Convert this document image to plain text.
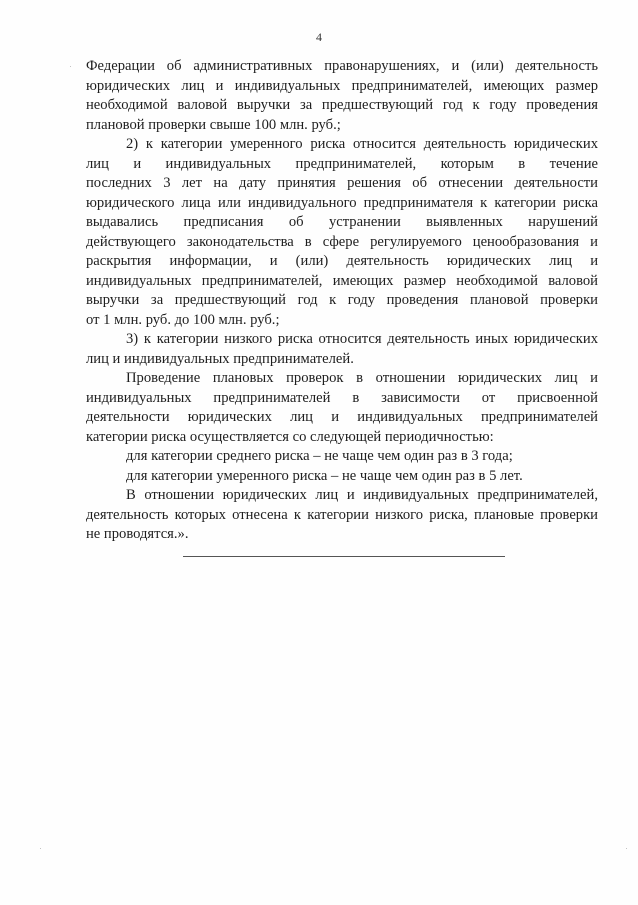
4
Федерации об административных правонарушениях, и (или) деятельность
юридических лиц и индивидуальных предпринимателей, имеющих размер
необходимой валовой выручки за предшествующий год к году проведения
плановой проверки свыше 100 млн. руб.;
2) к категории умеренного риска относится деятельность юридических
лиц и индивидуальных предпринимателей, которым в течение
последних 3 лет на дату принятия решения об отнесении деятельности
юридического лица или индивидуального предпринимателя к категории риска
выдавались предписания об устранении выявленных нарушений
действующего законодательства в сфере регулируемого ценообразования и
раскрытия информации, и (или) деятельность юридических лиц и
индивидуальных предпринимателей, имеющих размер необходимой валовой
выручки за предшествующий год к году проведения плановой проверки
от 1 млн. руб. до 100 млн. руб.;
3) к категории низкого риска относится деятельность иных юридических
лиц и индивидуальных предпринимателей.
Проведение плановых проверок в отношении юридических лиц и
индивидуальных предпринимателей в зависимости от присвоенной
деятельности юридических лиц и индивидуальных предпринимателей
категории риска осуществляется со следующей периодичностью:
для категории среднего риска – не чаще чем один раз в 3 года;
для категории умеренного риска – не чаще чем один раз в 5 лет.
В отношении юридических лиц и индивидуальных предпринимателей,
деятельность которых отнесена к категории низкого риска, плановые проверки
не проводятся.».
